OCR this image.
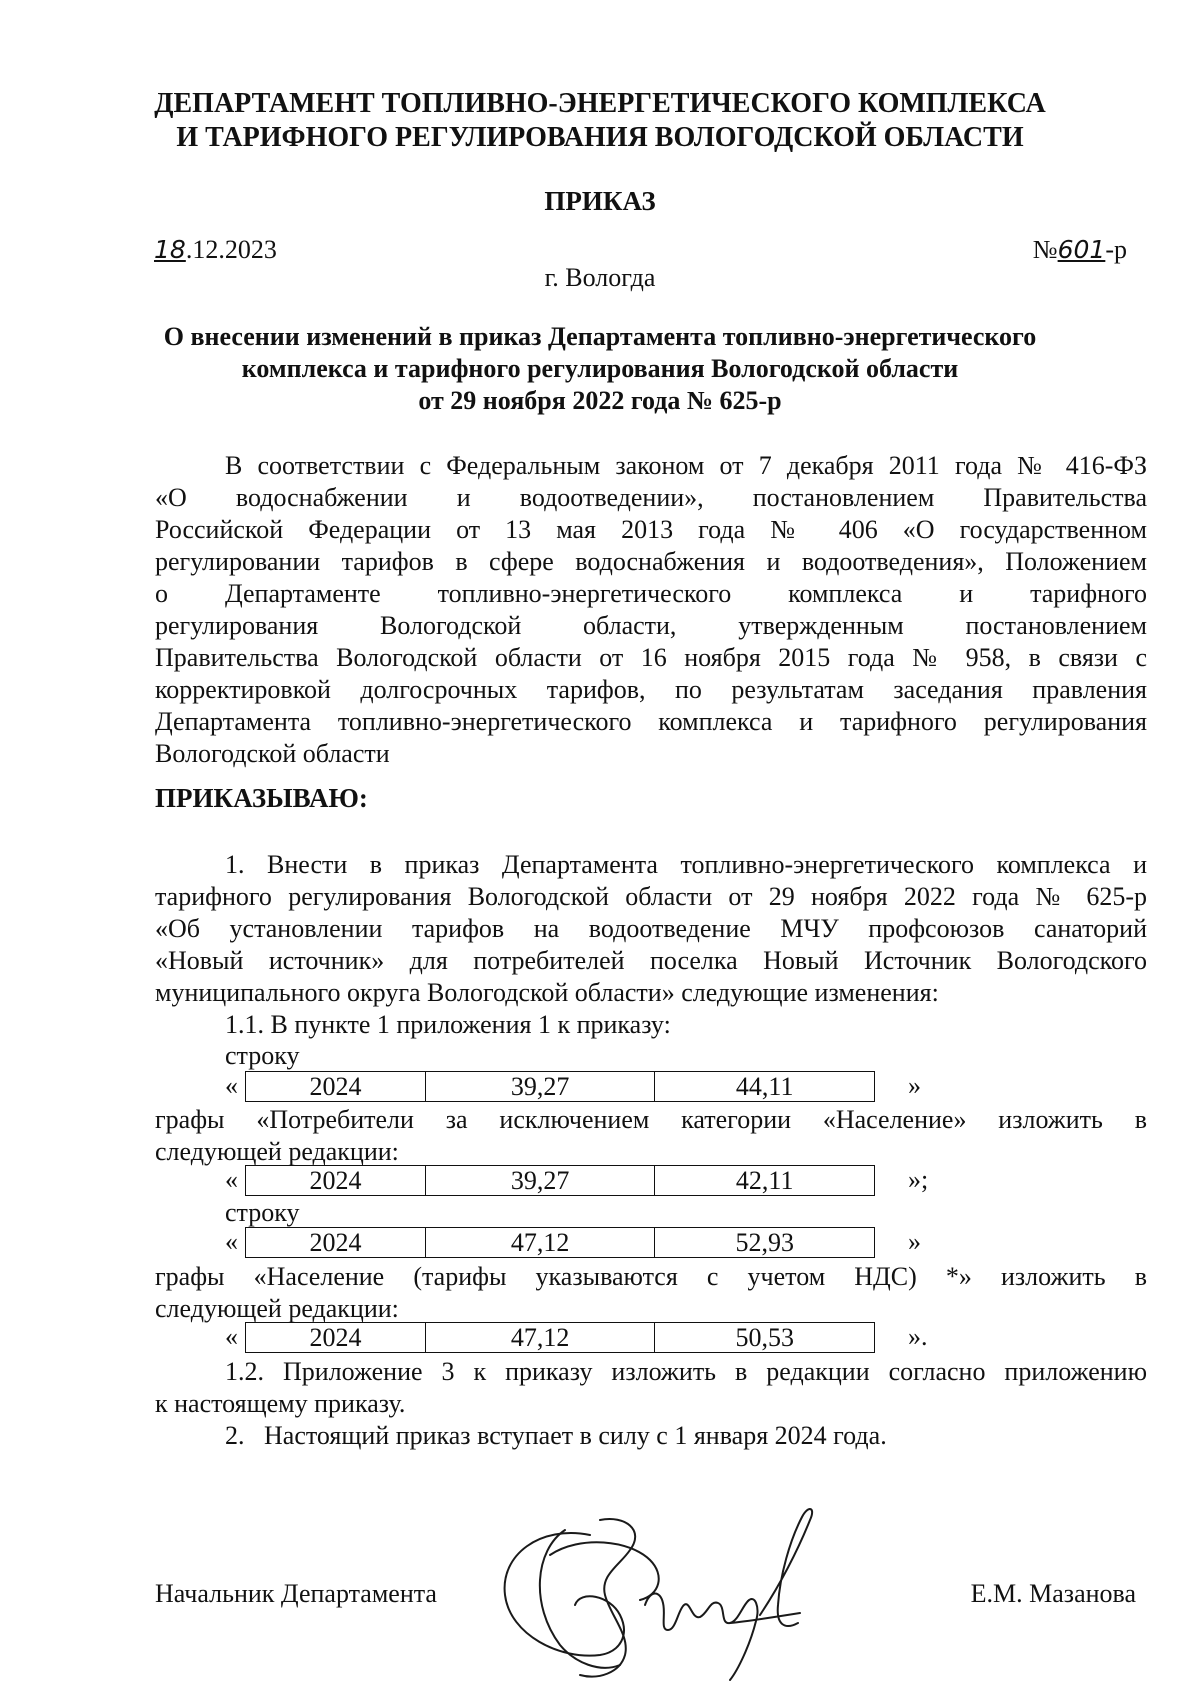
ДЕПАРТАМЕНТ ТОПЛИВНО-ЭНЕРГЕТИЧЕСКОГО КОМПЛЕКСА
И ТАРИФНОГО РЕГУЛИРОВАНИЯ ВОЛОГОДСКОЙ ОБЛАСТИ
ПРИКАЗ
18.12.2023	№601-р
г. Вологда
О внесении изменений в приказ Департамента топливно-энергетического
комплекса и тарифного регулирования Вологодской области
от 29 ноября 2022 года № 625-р

В соответствии с Федеральным законом от 7 декабря 2011 года № 416-ФЗ

«О водоснабжении и водоотведении», постановлением Правительства

Российской Федерации от 13 мая 2013 года № 406 «О государственном

регулировании тарифов в сфере водоснабжения и водоотведения», Положением

о Департаменте топливно-энергетического комплекса и тарифного

регулирования Вологодской области, утвержденным постановлением

Правительства Вологодской области от 16 ноября 2015 года № 958, в связи с

корректировкой долгосрочных тарифов, по результатам заседания правления

Департамента топливно-энергетического комплекса и тарифного регулирования

Вологодской области

ПРИКАЗЫВАЮ:

1. Внести в приказ Департамента топливно-энергетического комплекса и

тарифного регулирования Вологодской области от 29 ноября 2022 года № 625-р

«Об установлении тарифов на водоотведение МЧУ профсоюзов санаторий

«Новый источник» для потребителей поселка Новый Источник Вологодского

муниципального округа Вологодской области» следующие изменения:

1.1. В пункте 1 приложения 1 к приказу:
строку
«	2024	39,27	44,11	»

графы «Потребители за исключением категории «Население» изложить в

следующей редакции:

«	2024	39,27	42,11	»;
строку
«	2024	47,12	52,93	»

графы «Население (тарифы указываются с учетом НДС) *» изложить в

следующей редакции:

«	2024	47,12	50,53	».

1.2. Приложение 3 к приказу изложить в редакции согласно приложению

к настоящему приказу.

2.   Настоящий приказ вступает в силу с 1 января 2024 года.
Начальник Департамента	Е.М. Мазанова
